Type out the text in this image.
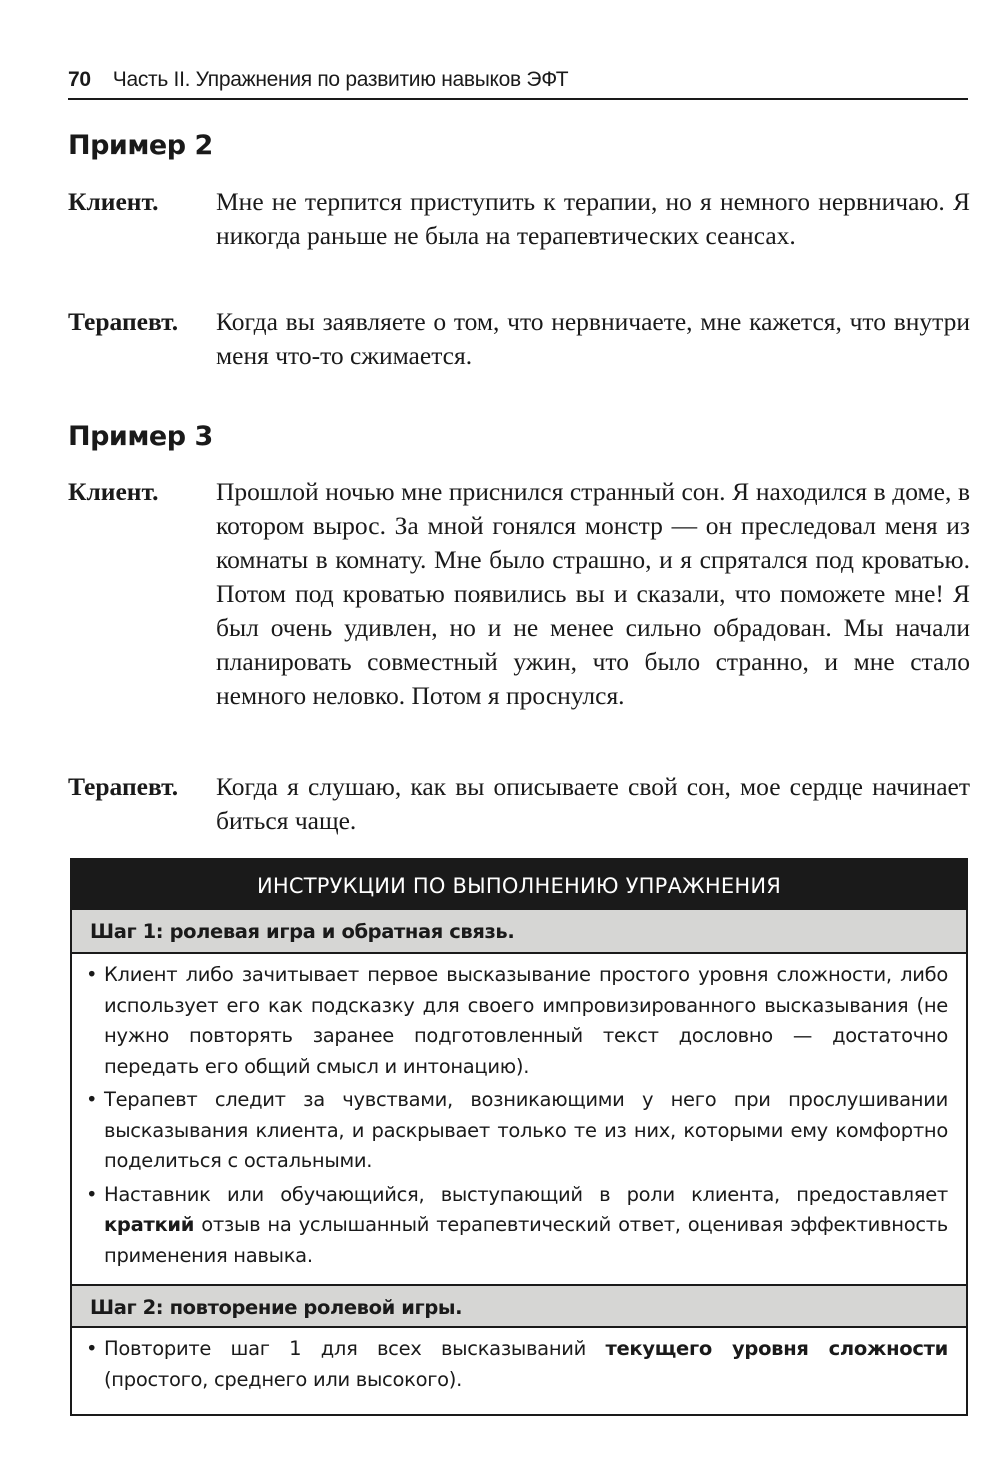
70 Часть II. Упражнения по развитию навыков ЭФТ
Пример 2
Клиент. Мне не терпится приступить к терапии, но я немного нервничаю. Я никогда раньше не была на терапевтических сеансах.
Терапевт. Когда вы заявляете о том, что нервничаете, мне кажется, что внутри меня что-то сжимается.
Пример 3
Клиент. Прошлой ночью мне приснился странный сон. Я находился в доме, в котором вырос. За мной гонялся монстр — он преследовал меня из комнаты в комнату. Мне было страшно, и я спрятался под кроватью. Потом под кроватью появились вы и сказали, что поможете мне! Я был очень удивлен, но и не менее сильно обрадован. Мы начали планировать совместный ужин, что было странно, и мне стало немного неловко. Потом я проснулся.
Терапевт. Когда я слушаю, как вы описываете свой сон, мое сердце начинает биться чаще.
ИНСТРУКЦИИ ПО ВЫПОЛНЕНИЮ УПРАЖНЕНИЯ
Шаг 1: ролевая игра и обратная связь.
• Клиент либо зачитывает первое высказывание простого уровня сложности, либо использует его как подсказку для своего импровизированного высказывания (не нужно повторять заранее подготовленный текст дословно — достаточно передать его общий смысл и интонацию).
• Терапевт следит за чувствами, возникающими у него при прослушивании высказывания клиента, и раскрывает только те из них, которыми ему комфортно поделиться с остальными.
• Наставник или обучающийся, выступающий в роли клиента, предоставляет краткий отзыв на услышанный терапевтический ответ, оценивая эффективность применения навыка.
Шаг 2: повторение ролевой игры.
• Повторите шаг 1 для всех высказываний текущего уровня сложности (простого, среднего или высокого).
